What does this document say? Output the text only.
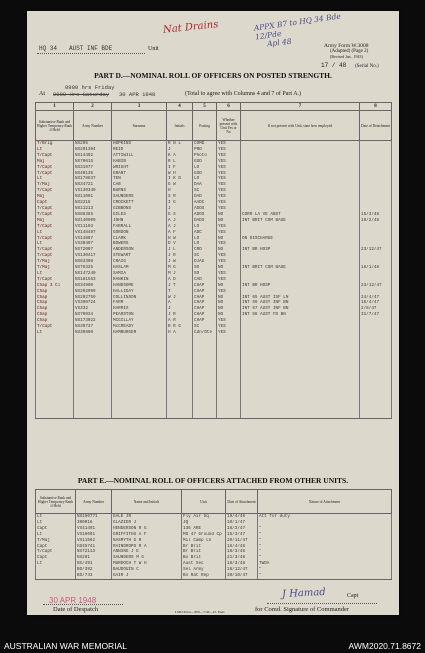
Nat Drains	APPX B7 to HQ 34 Bde 12/Pde
Apl 48
HQ 34 AUST INF BDE	Unit	Army Form W.3008
(Adapted) (Page 2)
(Revised Jan., 1943)
17 / 48 (Serial No.)
PART D.—NOMINAL ROLL OF OFFICERS ON POSTED STRENGTH.
0900 hrs Friday
At 0000 Hrs Saturday 30 APR 1948	(Total to agree with Columns 4 and 7 of Part A.)
1	2	3	4	5	6	7	8
Substantive Rank and Higher Temporary Rank if Held	Army Number	Surname	Initials	Posting	Whether present with Unit Yes or No	If not present with Unit, state how employed	Date of Detachment
T/Brig	NX295	HOPKINS	R N L	COMD	YES		
Lt	NX201304	REID	J	PRO	YES		
T/Capt	NX14402	ATTIWILL	K A	Photo	YES		
Maj	NX7061S	HABIB	R L	GSO	YES		
T/Capt	NX31977	WRIGHT	I F	LO	YES		
T/Capt	NX40135	GRANT	W H	GSO	YES		
Lt	NX178837	TEN	I K D	LO	YES		
T/Maj	NX34721	CAB	G W	DAA	YES		
T/Capt	VX130349	BURNS	H	SC	YES		
Maj	NX11001	SAUNDERS	S R	DAD	YES		
Capt	NX2218	CROCKETT	I G	AADC	YES		
T/Capt	NX11213	GIBBONS	J	ADOS	YES		
T/Capt	NX88385	GILES	G S	ADOS	NO	CORR LA VE ABST	15/3/48
Maj	NX140909	JOHN	A J	DADS	NO	INT BRIT COM BASE	19/2/48
T/Capt	VX11193	FARRALL	A J	LO	YES		
Lt	VX148497	GORDON	A F	ADC	YES		
T/Capt	VX14897	CLARK	H W	LO	NO	ON DISCHARGE	
Lt	VX30407	BOWERS	D V	LO	YES		
T/Capt	NX72007	ANDERSON	J L	CRO	NO	INT BR HOSP	23/12/47
T/Capt	VX130417	STEWART	J R	SC	YES		
T/Maj	NX83308	CRAIG	J W	DJAG	YES		
T/Maj	NX76325	HASLAM	M G	SO	NO	INT BRIT COM BASE	16/1/48
Lt	NX147240	SAMIA	M J	SO	YES		
T/Capt	NX181553	RANKIN	A D	CAD	YES		
Chap 3 Cl	NX34900	HANDSOME	J T	CHAP	NO	INT BR HOSP	23/12/47
Chap	NX202999	HALLIDAY	T	CHAP	YES		
Chap	NX202759	COLLINSON	W J	CHAP	NO	INT 65 AUST ISF LN	24/4/47
Chap	VX300724	FARR	A	CHAP	NO	INT 66 AUST INF BN	16/4/47
Chap	VX332	HARRIS	J	CHAP	NO	INT 67 AUST INF BN	2/8/47
Chap	NX70034	PEARSTON	J R	CHAP	NO	INT 66 AUST FD BN	31/7/47
Chap	NX173022	MCGILLAY	A R	CHAP	YES		
T/Capt	NX39737	McCREADY	R R G	SC	YES		
Lt	NX30806	HAMBURGER	H A	Cdn/Dte	YES		

PART E.—NOMINAL ROLL OF OFFICERS ATTACHED FROM OTHER UNITS.
Substantive Rank and Higher Temporary Rank if Held	Army Number	Name and Initials	Unit	Date of Attachment	Nature of Attachment
Lt	NX150771	GALE JR	Fly Air Sq	19/4/48	Att for duty
Lt	300016	GLAZIER J	JQ	10/1/47	
Capt	VX41491	HENDERSON R G	136 ARE	16/3/47	"
Lt	VX16091	GRIFFITHS A F	MS 47 Ground Cp	15/3/47	"
T/Maj	VX11562	NASMYTH G R	Mil Camp Ln	20/11/47	"
Capt	HS45741	RAINDROPS R A	Br Brit	16/4/48	"
T/Capt	NX72113	ANNING J E	Br Brit	16/3/48	"
Capt	NX201	SAUNDERS M G	Bo Brit	21/3/48	"
Lt	NX/491	MURDOCH T W H	Aust Sec	16/3/48	TWOA
	BO/392	BAUDOUIN C	Sel Army	16/12/47	"
	BO/743	GAIR J	Bo Rat Rep	30/10/47	"
30 APR 1948
Date of Despatch
J Hamad	Capt
for Comd. Signature of Commander
I MD Press—800—7/46—Cl. Pads
AUSTRALIAN WAR MEMORIAL	AWM2020.71.8672
